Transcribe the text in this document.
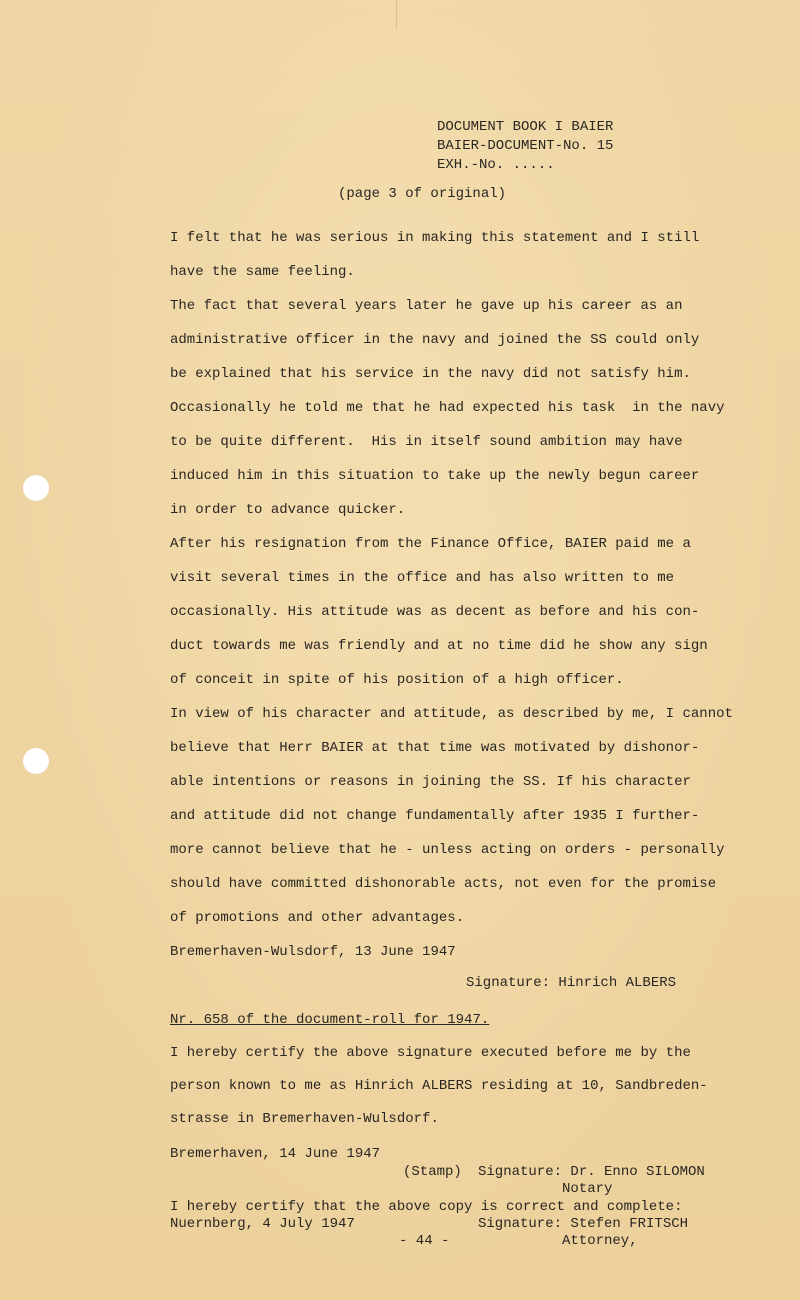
DOCUMENT BOOK I BAIER
BAIER-DOCUMENT-No. 15
EXH.-No. .....
(page 3 of original)
I felt that he was serious in making this statement and I still
have the same feeling.
The fact that several years later he gave up his career as an
administrative officer in the navy and joined the SS could only
be explained that his service in the navy did not satisfy him.
Occasionally he told me that he had expected his task  in the navy
to be quite different.  His in itself sound ambition may have
induced him in this situation to take up the newly begun career
in order to advance quicker.
After his resignation from the Finance Office, BAIER paid me a
visit several times in the office and has also written to me
occasionally. His attitude was as decent as before and his con-
duct towards me was friendly and at no time did he show any sign
of conceit in spite of his position of a high officer.
In view of his character and attitude, as described by me, I cannot
believe that Herr BAIER at that time was motivated by dishonor-
able intentions or reasons in joining the SS. If his character
and attitude did not change fundamentally after 1935 I further-
more cannot believe that he - unless acting on orders - personally
should have committed dishonorable acts, not even for the promise
of promotions and other advantages.
Bremerhaven-Wulsdorf, 13 June 1947
Signature: Hinrich ALBERS
Nr. 658 of the document-roll for 1947.
I hereby certify the above signature executed before me by the
person known to me as Hinrich ALBERS residing at 10, Sandbreden-
strasse in Bremerhaven-Wulsdorf.
Bremerhaven, 14 June 1947
(Stamp) Signature: Dr. Enno SILOMON
Notary
I hereby certify that the above copy is correct and complete:
Nuernberg, 4 July 1947	Signature: Stefen FRITSCH
- 44 -	Attorney,
